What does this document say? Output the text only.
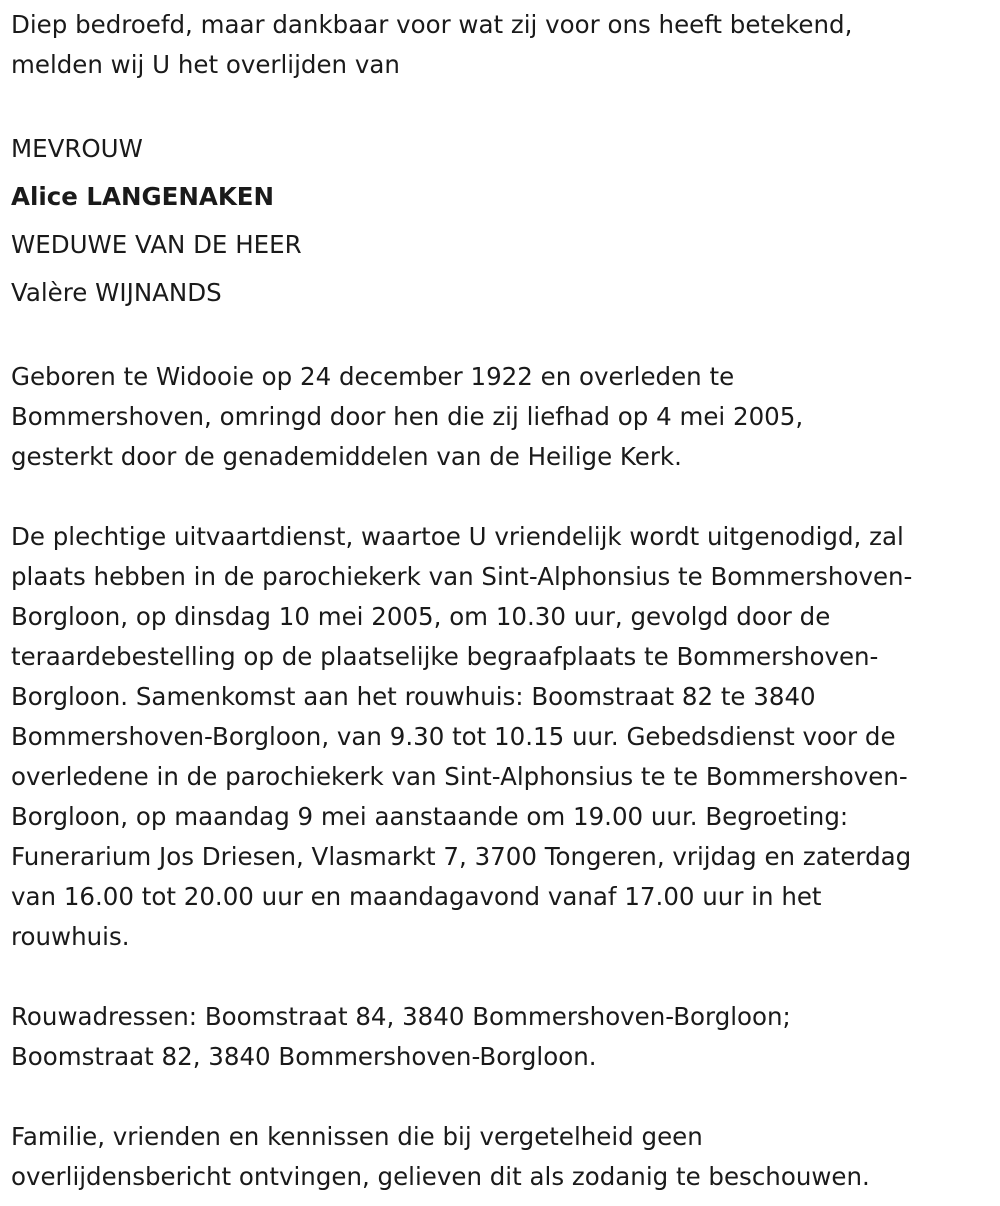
Diep bedroefd, maar dankbaar voor wat zij voor ons heeft betekend,
melden wij U het overlijden van

MEVROUW
Alice LANGENAKEN
WEDUWE VAN DE HEER
Valère WIJNANDS

Geboren te Widooie op 24 december 1922 en overleden te
Bommershoven, omringd door hen die zij liefhad op 4 mei 2005,
gesterkt door de genademiddelen van de Heilige Kerk.

De plechtige uitvaartdienst, waartoe U vriendelijk wordt uitgenodigd, zal
plaats hebben in de parochiekerk van Sint-Alphonsius te Bommershoven-
Borgloon, op dinsdag 10 mei 2005, om 10.30 uur, gevolgd door de
teraardebestelling op de plaatselijke begraafplaats te Bommershoven-
Borgloon. Samenkomst aan het rouwhuis: Boomstraat 82 te 3840
Bommershoven-Borgloon, van 9.30 tot 10.15 uur. Gebedsdienst voor de
overledene in de parochiekerk van Sint-Alphonsius te te Bommershoven-
Borgloon, op maandag 9 mei aanstaande om 19.00 uur. Begroeting:
Funerarium Jos Driesen, Vlasmarkt 7, 3700 Tongeren, vrijdag en zaterdag
van 16.00 tot 20.00 uur en maandagavond vanaf 17.00 uur in het
rouwhuis.

Rouwadressen: Boomstraat 84, 3840 Bommershoven-Borgloon;
Boomstraat 82, 3840 Bommershoven-Borgloon.

Familie, vrienden en kennissen die bij vergetelheid geen
overlijdensbericht ontvingen, gelieven dit als zodanig te beschouwen.
